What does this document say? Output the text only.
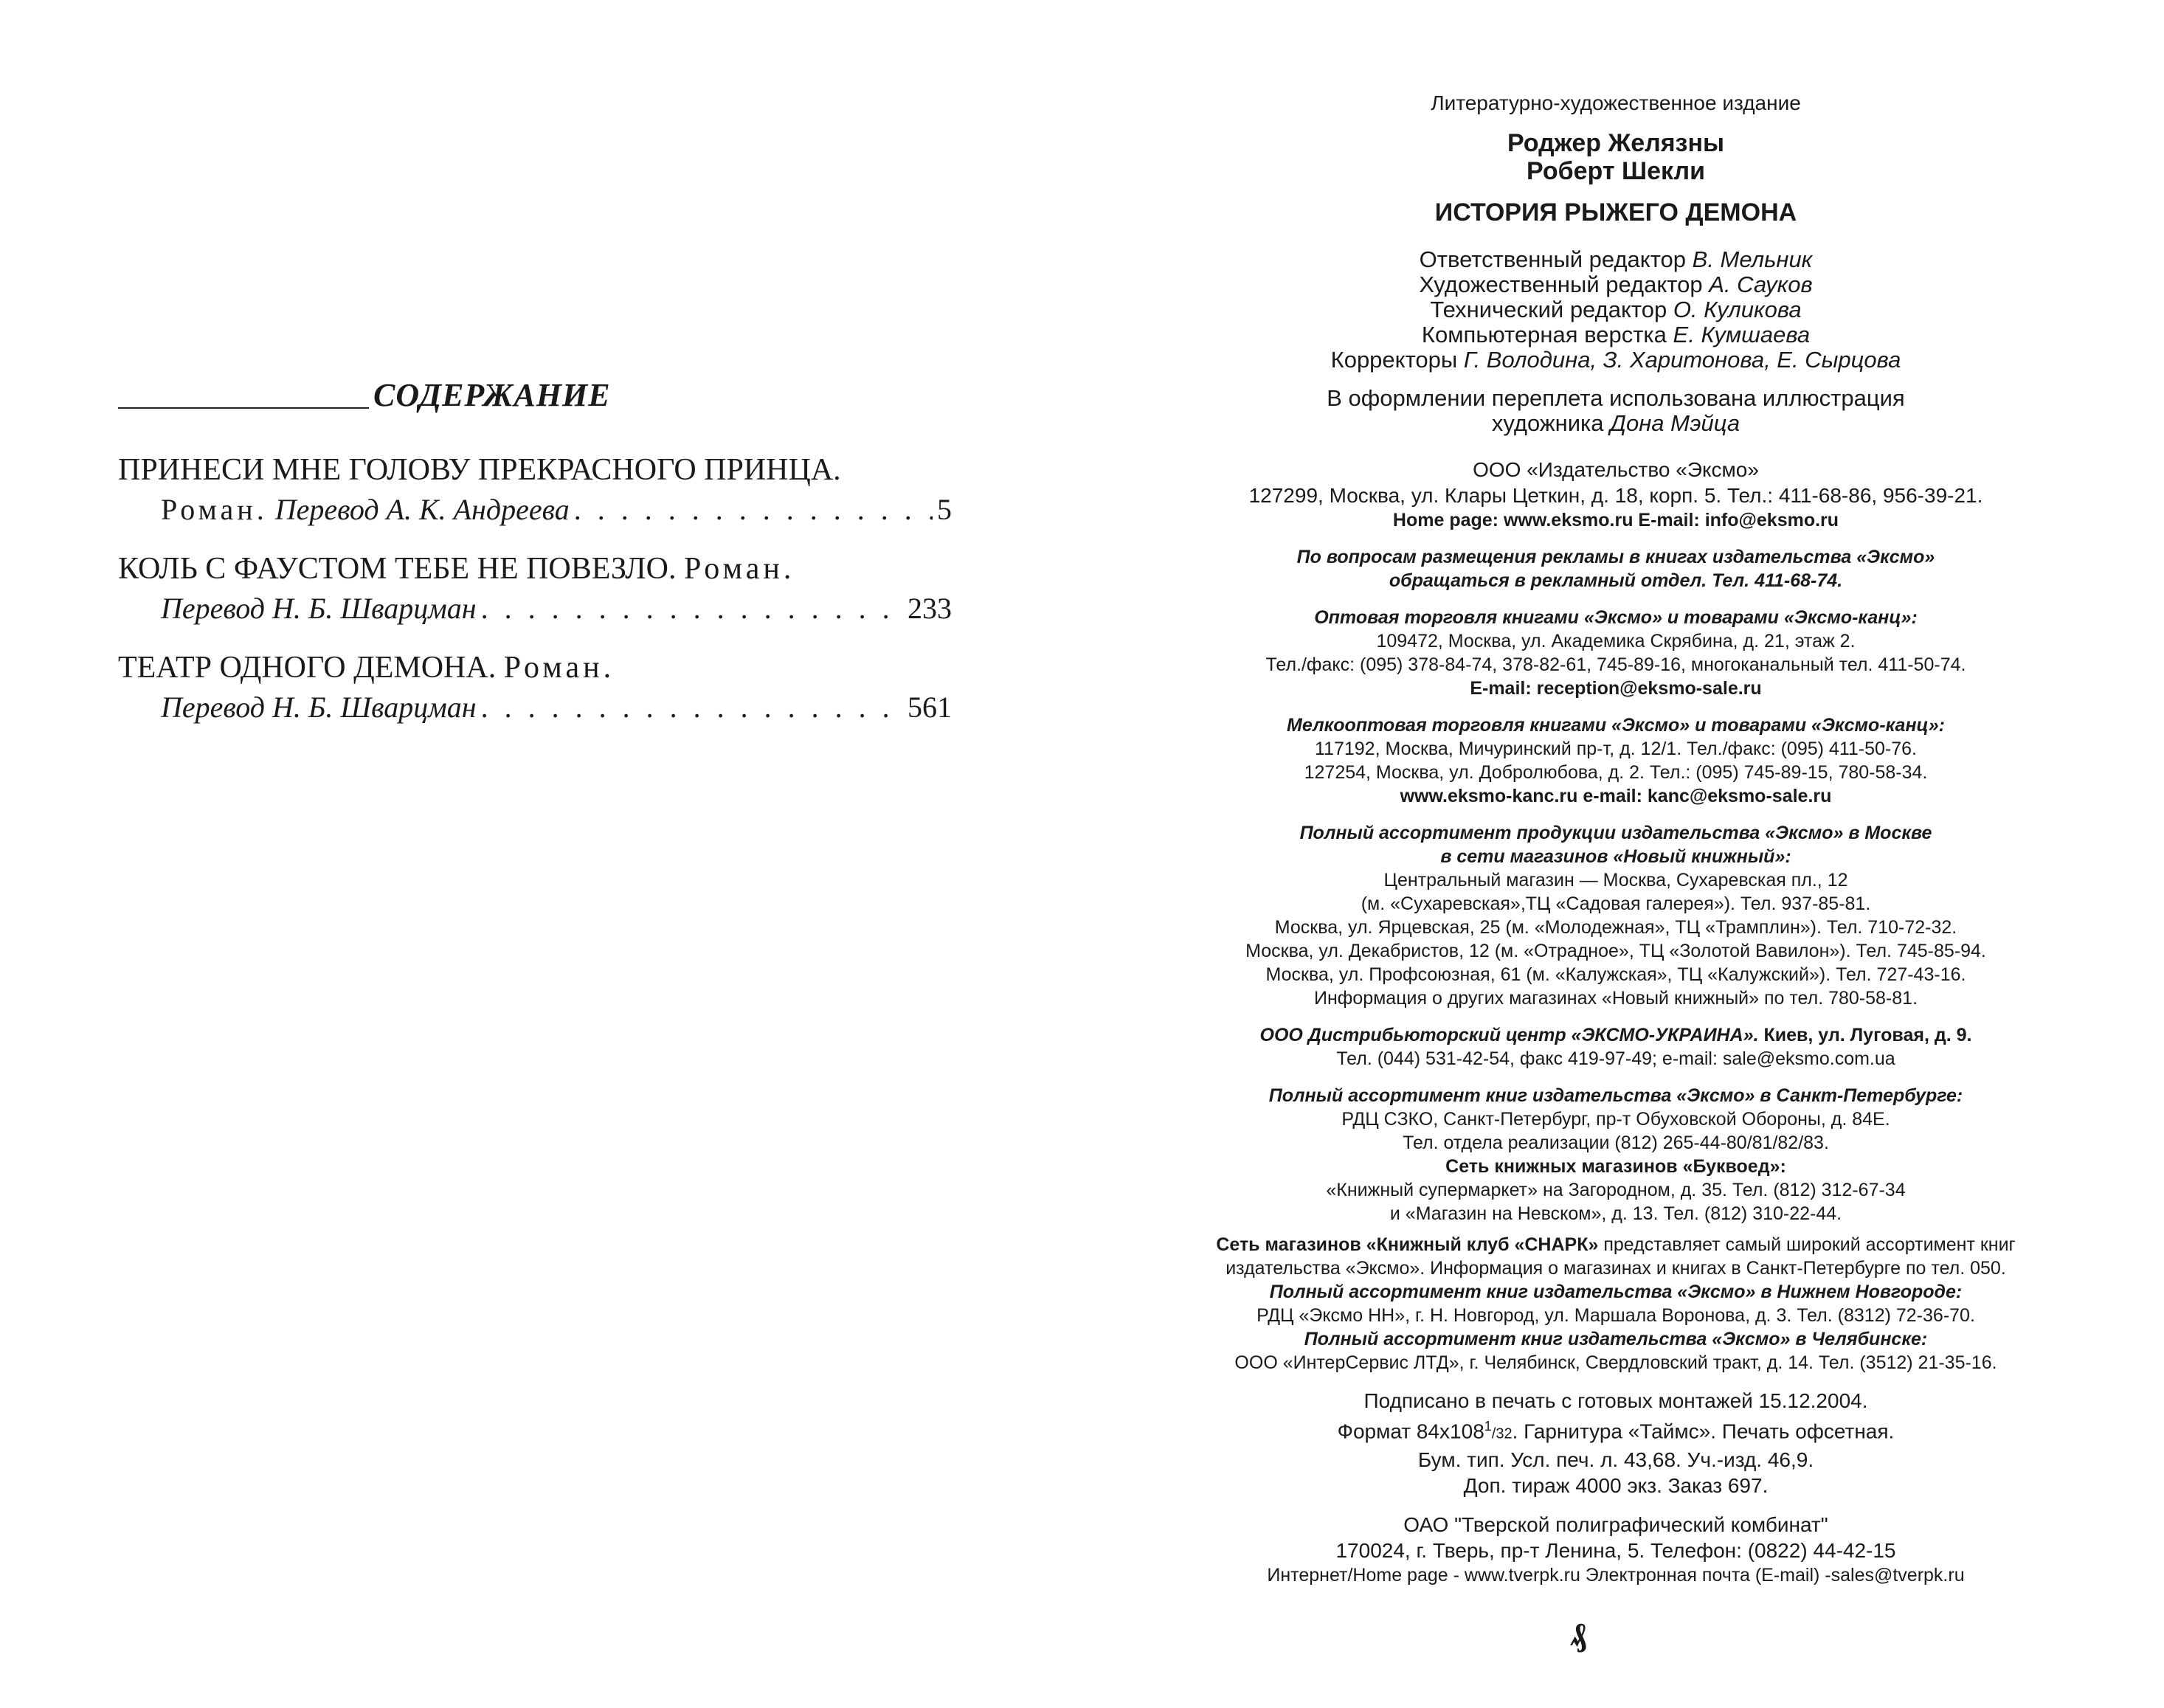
СОДЕРЖАНИЕ
ПРИНЕСИ МНЕ ГОЛОВУ ПРЕКРАСНОГО ПРИНЦА.
Роман.
Перевод А. К. Андреева . . .	5
КОЛЬ С ФАУСТОМ ТЕБЕ НЕ ПОВЕЗЛО. Роман.
Перевод Н. Б. Шварцман . . .	233
ТЕАТР ОДНОГО ДЕМОНА. Роман.
Перевод Н. Б. Шварцман . . .	561
Литературно-художественное издание
Роджер Желязны
Роберт Шекли
ИСТОРИЯ РЫЖЕГО ДЕМОНА
Ответственный редактор В. Мельник
Художественный редактор А. Сауков
Технический редактор О. Куликова
Компьютерная верстка Е. Кумшаева
Корректоры Г. Володина, З. Харитонова, Е. Сырцова
В оформлении переплета использована иллюстрация
художника Дона Мэйца
ООО «Издательство «Эксмо»
127299, Москва, ул. Клары Цеткин, д. 18, корп. 5. Тел.: 411-68-86, 956-39-21.
Home page: www.eksmo.ru E-mail: info@eksmo.ru
По вопросам размещения рекламы в книгах издательства «Эксмо»
обращаться в рекламный отдел. Тел. 411-68-74.
Оптовая торговля книгами «Эксмо» и товарами «Эксмо-канц»:
109472, Москва, ул. Академика Скрябина, д. 21, этаж 2.
Тел./факс: (095) 378-84-74, 378-82-61, 745-89-16, многоканальный тел. 411-50-74.
E-mail: reception@eksmo-sale.ru
Мелкооптовая торговля книгами «Эксмо» и товарами «Эксмо-канц»:
117192, Москва, Мичуринский пр-т, д. 12/1. Тел./факс: (095) 411-50-76.
127254, Москва, ул. Добролюбова, д. 2. Тел.: (095) 745-89-15, 780-58-34.
www.eksmo-kanc.ru e-mail: kanc@eksmo-sale.ru
Полный ассортимент продукции издательства «Эксмо» в Москве
в сети магазинов «Новый книжный»:
Центральный магазин — Москва, Сухаревская пл., 12
(м. «Сухаревская»,ТЦ «Садовая галерея»). Тел. 937-85-81.
Москва, ул. Ярцевская, 25 (м. «Молодежная», ТЦ «Трамплин»). Тел. 710-72-32.
Москва, ул. Декабристов, 12 (м. «Отрадное», ТЦ «Золотой Вавилон»). Тел. 745-85-94.
Москва, ул. Профсоюзная, 61 (м. «Калужская», ТЦ «Калужский»). Тел. 727-43-16.
Информация о других магазинах «Новый книжный» по тел. 780-58-81.
ООО Дистрибьюторский центр «ЭКСМО-УКРАИНА». Киев, ул. Луговая, д. 9.
Тел. (044) 531-42-54, факс 419-97-49; e-mail: sale@eksmo.com.ua
Полный ассортимент книг издательства «Эксмо» в Санкт-Петербурге:
РДЦ СЗКО, Санкт-Петербург, пр-т Обуховской Обороны, д. 84Е.
Тел. отдела реализации (812) 265-44-80/81/82/83.
Сеть книжных магазинов «Буквоед»:
«Книжный супермаркет» на Загородном, д. 35. Тел. (812) 312-67-34
и «Магазин на Невском», д. 13. Тел. (812) 310-22-44.
Сеть магазинов «Книжный клуб «СНАРК» представляет самый широкий ассортимент книг
издательства «Эксмо». Информация о магазинах и книгах в Санкт-Петербурге по тел. 050.
Полный ассортимент книг издательства «Эксмо» в Нижнем Новгороде:
РДЦ «Эксмо НН», г. Н. Новгород, ул. Маршала Воронова, д. 3. Тел. (8312) 72-36-70.
Полный ассортимент книг издательства «Эксмо» в Челябинске:
ООО «ИнтерСервис ЛТД», г. Челябинск, Свердловский тракт, д. 14. Тел. (3512) 21-35-16.
Подписано в печать с готовых монтажей 15.12.2004.
Формат $84x108^1/32$. Гарнитура «Таймс». Печать офсетная.
Бум. тип. Усл. печ. л. 43,68. Уч.-изд. 46,9.
Доп. тираж 4000 экз. Заказ 697.
ОАО "Тверской полиграфический комбинат"
170024, г. Тверь, пр-т Ленина, 5. Телефон: (0822) 44-42-15
Интернет/Home page - www.tverpk.ru Электронная почта (E-mail) -sales@tverpk.ru
₰
